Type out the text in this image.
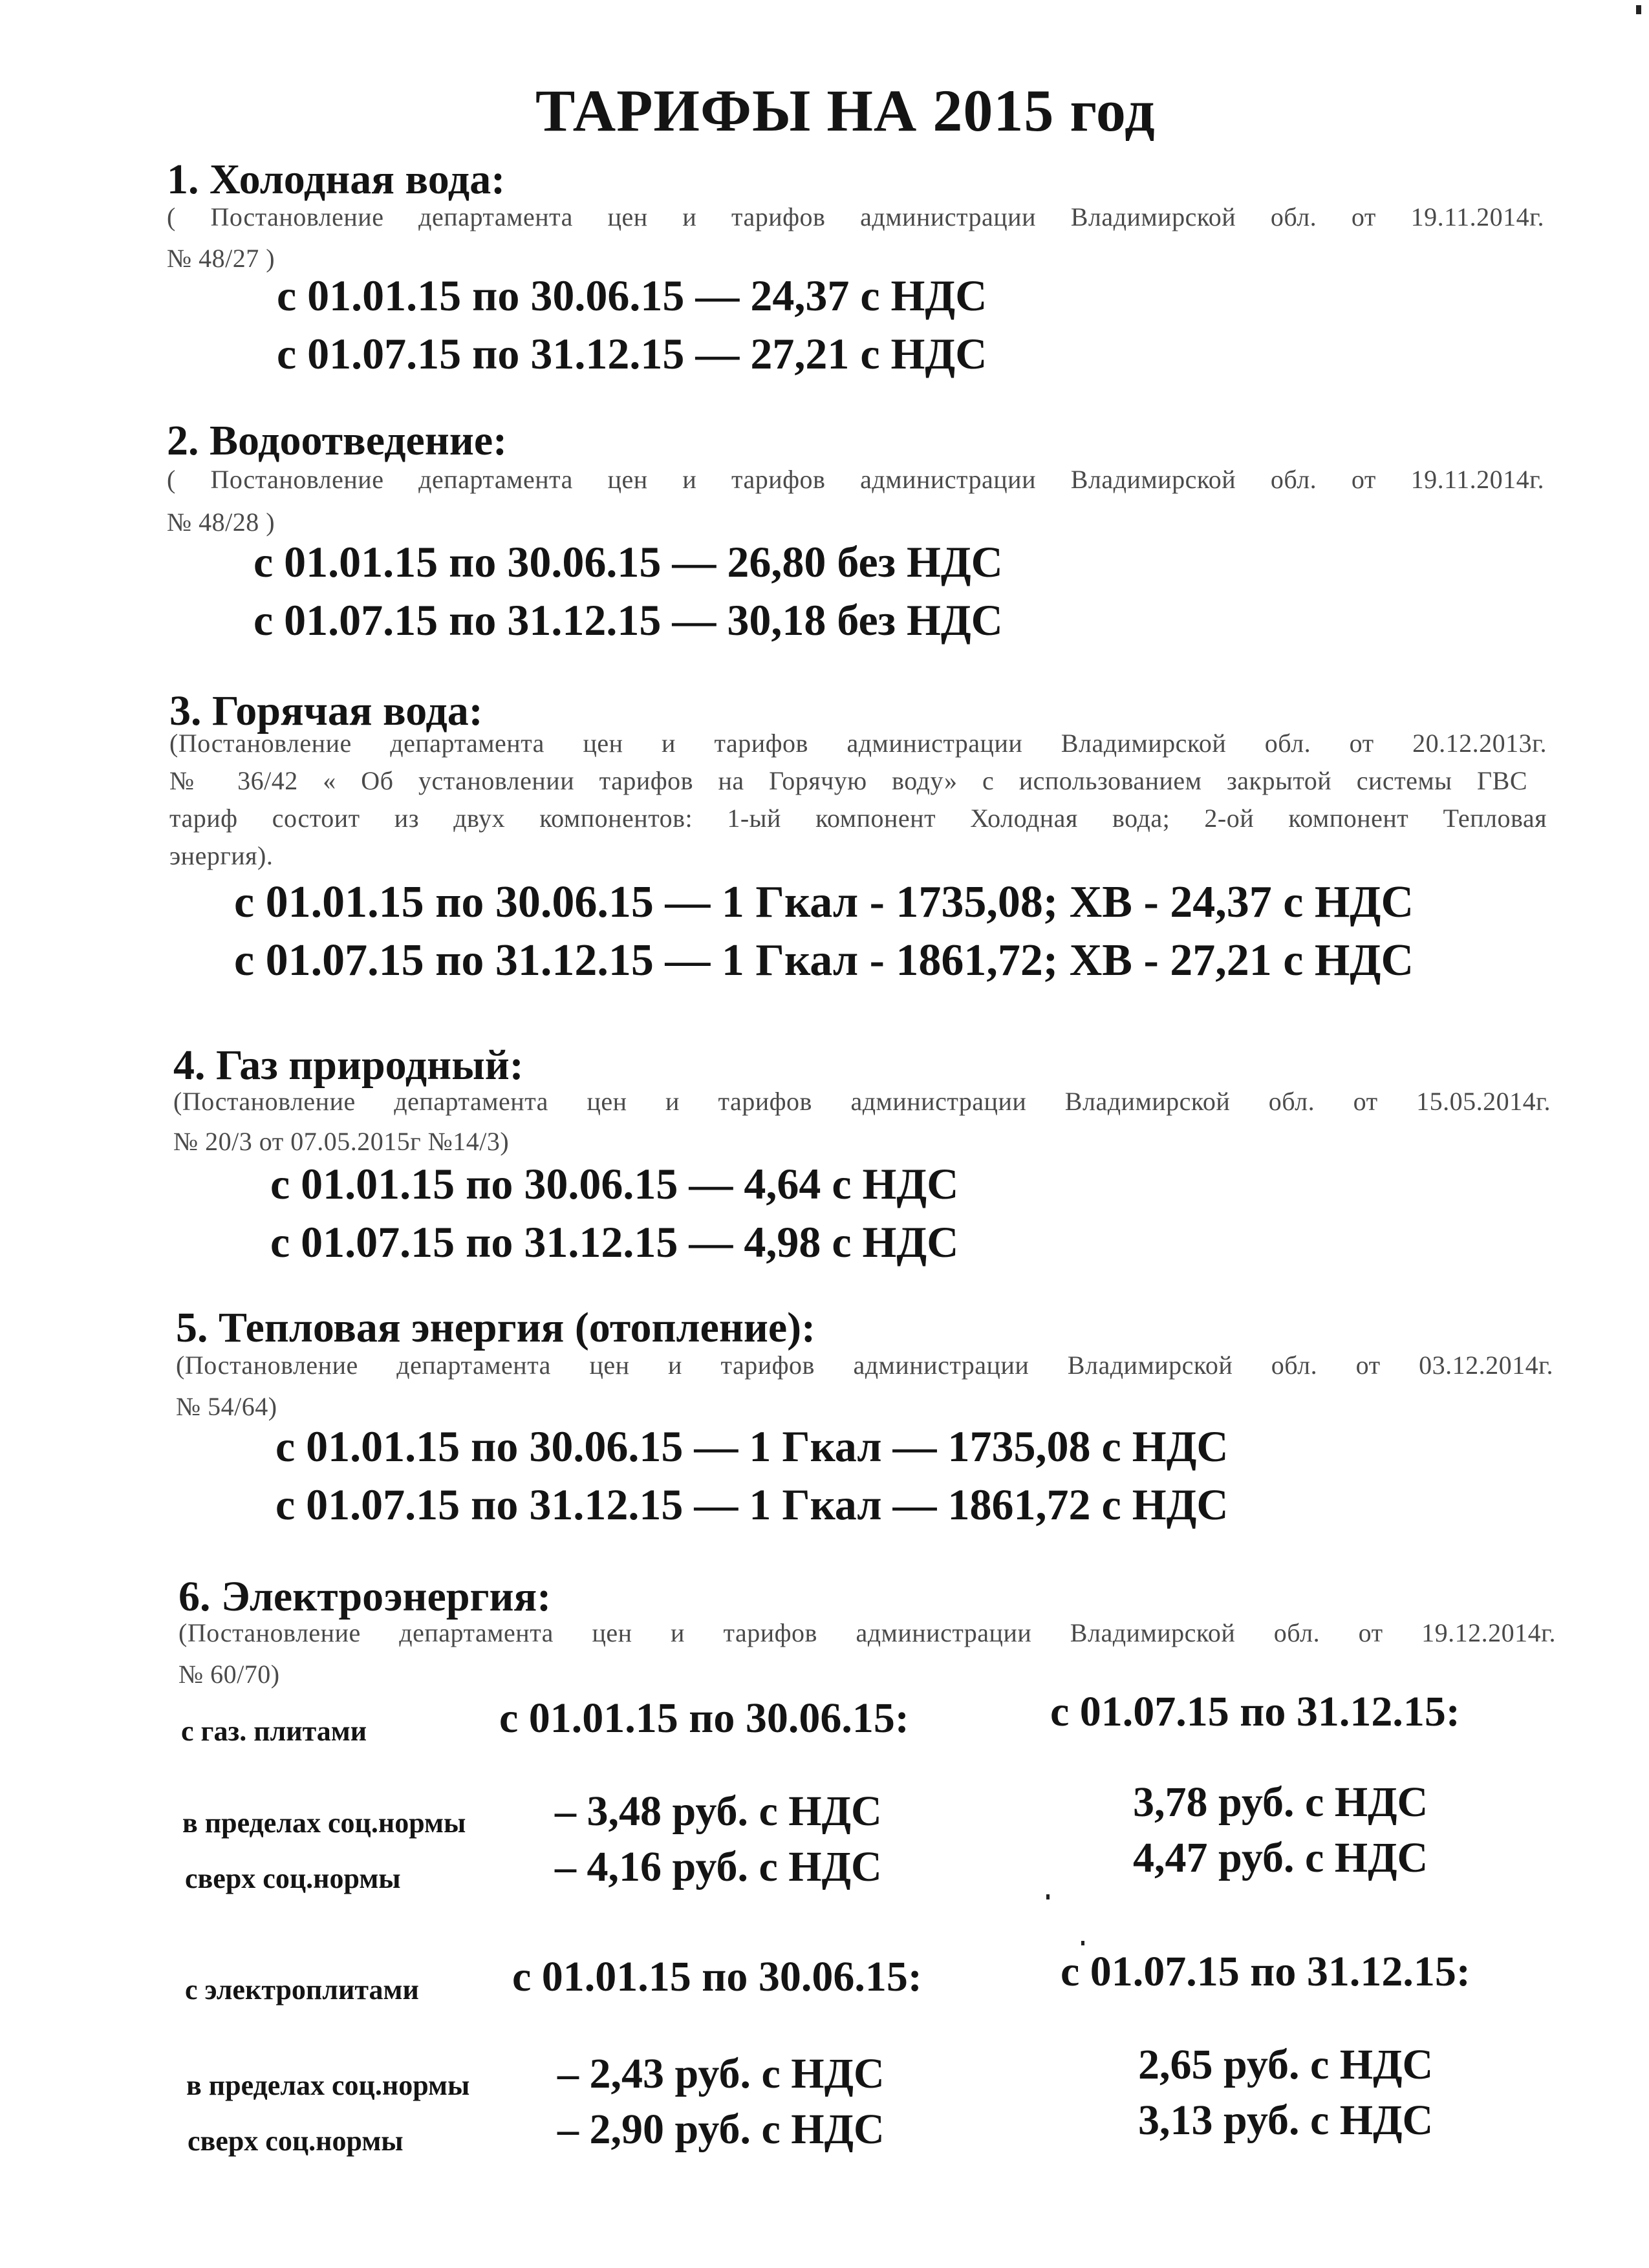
ТАРИФЫ НА 2015 год
1. Холодная вода:
( Постановление департамента цен и тарифов администрации Владимирской обл. от 19.11.2014г.
№ 48/27 )
с 01.01.15 по 30.06.15 — 24,37 с НДС
с 01.07.15 по 31.12.15 — 27,21 с НДС
2. Водоотведение:
( Постановление департамента цен и тарифов администрации Владимирской обл. от 19.11.2014г.
№ 48/28 )
с 01.01.15 по 30.06.15 — 26,80 без НДС
с 01.07.15 по 31.12.15 — 30,18 без НДС
3. Горячая вода:
(Постановление департамента цен и тарифов администрации Владимирской обл. от 20.12.2013г.
№ 36/42 « Об установлении тарифов на Горячую воду» с использованием закрытой системы ГВС
тариф состоит из двух компонентов: 1-ый компонент Холодная вода; 2-ой компонент Тепловая
энергия).
с 01.01.15 по 30.06.15 — 1 Гкал - 1735,08; ХВ - 24,37 с НДС
с 01.07.15 по 31.12.15 — 1 Гкал - 1861,72; ХВ - 27,21 с НДС
4. Газ природный:
(Постановление департамента цен и тарифов администрации Владимирской обл. от 15.05.2014г.
№ 20/3 от 07.05.2015г №14/3)
с 01.01.15 по 30.06.15 — 4,64 с НДС
с 01.07.15 по 31.12.15 — 4,98 с НДС
5. Тепловая энергия (отопление):
(Постановление департамента цен и тарифов администрации Владимирской обл. от 03.12.2014г.
№ 54/64)
с 01.01.15 по 30.06.15 — 1 Гкал — 1735,08 с НДС
с 01.07.15 по 31.12.15 — 1 Гкал — 1861,72 с НДС
6. Электроэнергия:
(Постановление департамента цен и тарифов администрации Владимирской обл. от 19.12.2014г.
№ 60/70)
с газ. плитами	с 01.01.15 по 30.06.15:	с 01.07.15 по 31.12.15:
в пределах соц.нормы – 3,48 руб. с НДС	3,78 руб. с НДС
сверх соц.нормы	– 4,16 руб. с НДС	4,47 руб. с НДС
с электроплитами с 01.01.15 по 30.06.15:	с 01.07.15 по 31.12.15:
в пределах соц.нормы – 2,43 руб. с НДС	2,65 руб. с НДС
сверх соц.нормы	– 2,90 руб. с НДС	3,13 руб. с НДС
